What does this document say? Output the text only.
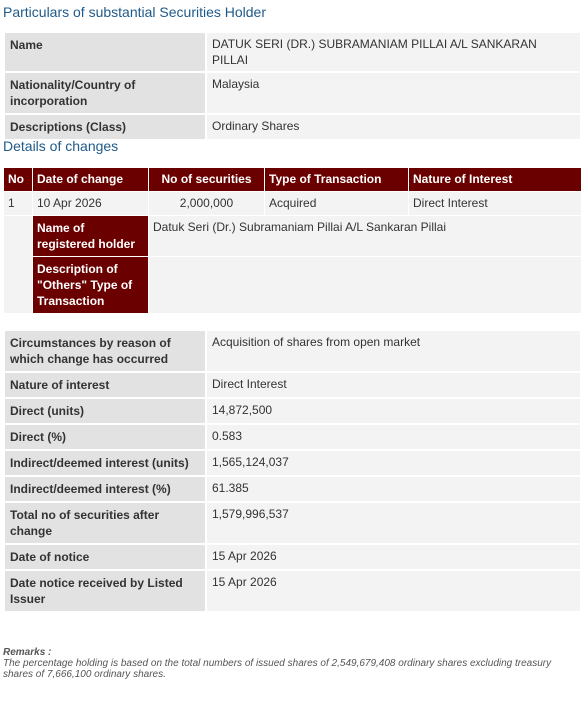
Particulars of substantial Securities Holder
Name	DATUK SERI (DR.) SUBRAMANIAM PILLAI A/L SANKARAN PILLAI
Nationality/Country of incorporation	Malaysia
Descriptions (Class)	Ordinary Shares
Details of changes
No	Date of change	No of securities	Type of Transaction	Nature of Interest
1	10 Apr 2026	2,000,000	Acquired	Direct Interest
	Name of registered holder	Datuk Seri (Dr.) Subramaniam Pillai A/L Sankaran Pillai		
	Description of "Others" Type of Transaction			
Circumstances by reason of which change has occurred	Acquisition of shares from open market
Nature of interest	Direct Interest
Direct (units)	14,872,500
Direct (%)	0.583
Indirect/deemed interest (units)	1,565,124,037
Indirect/deemed interest (%)	61.385
Total no of securities after change	1,579,996,537
Date of notice	15 Apr 2026
Date notice received by Listed Issuer	15 Apr 2026
Remarks :
The percentage holding is based on the total numbers of issued shares of 2,549,679,408 ordinary shares excluding treasury shares of 7,666,100 ordinary shares.
